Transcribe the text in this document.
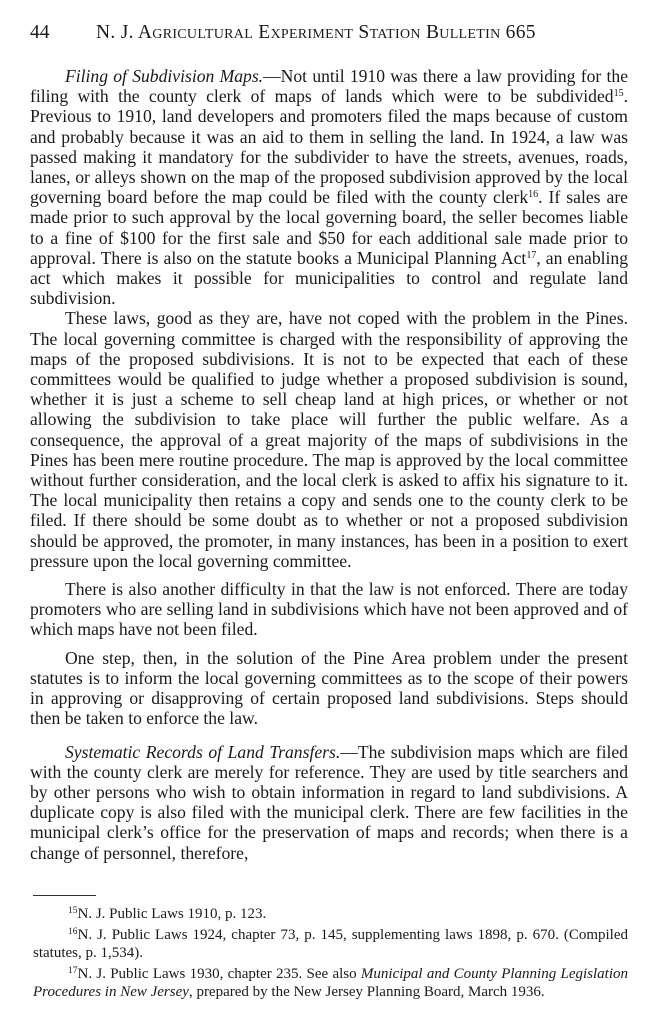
44 N. J. Agricultural Experiment Station Bulletin 665

Filing of Subdivision Maps.—Not until 1910 was there a law providing for the filing with the county clerk of maps of lands which were to be subdivided$^{15}$. Previous to 1910, land developers and promoters filed the maps because of custom and probably because it was an aid to them in selling the land. In 1924, a law was passed making it mandatory for the subdivider to have the streets, avenues, roads, lanes, or alleys shown on the map of the proposed subdivision approved by the local governing board before the map could be filed with the county clerk$^{16}$. If sales are made prior to such approval by the local governing board, the seller becomes liable to a fine of $100 for the first sale and $50 for each additional sale made prior to approval. There is also on the statute books a Municipal Planning Act$^{17}$, an enabling act which makes it possible for municipalities to control and regulate land subdivision.

These laws, good as they are, have not coped with the problem in the Pines. The local governing committee is charged with the responsibility of approving the maps of the proposed subdivisions. It is not to be expected that each of these committees would be qualified to judge whether a proposed subdivision is sound, whether it is just a scheme to sell cheap land at high prices, or whether or not allowing the subdivision to take place will further the public welfare. As a consequence, the approval of a great majority of the maps of subdivisions in the Pines has been mere routine procedure. The map is approved by the local committee without further consideration, and the local clerk is asked to affix his signature to it. The local municipality then retains a copy and sends one to the county clerk to be filed. If there should be some doubt as to whether or not a proposed subdivision should be approved, the promoter, in many instances, has been in a position to exert pressure upon the local governing committee.

There is also another difficulty in that the law is not enforced. There are today promoters who are selling land in subdivisions which have not been approved and of which maps have not been filed.

One step, then, in the solution of the Pine Area problem under the present statutes is to inform the local governing committees as to the scope of their powers in approving or disapproving of certain proposed land subdivisions. Steps should then be taken to enforce the law.

Systematic Records of Land Transfers.—The subdivision maps which are filed with the county clerk are merely for reference. They are used by title searchers and by other persons who wish to obtain information in regard to land subdivisions. A duplicate copy is also filed with the municipal clerk. There are few facilities in the municipal clerk’s office for the preservation of maps and records; when there is a change of personnel, therefore,

$^{15}$N. J. Public Laws 1910, p. 123.

$^{16}$N. J. Public Laws 1924, chapter 73, p. 145, supplementing laws 1898, p. 670. (Compiled statutes, p. 1,534).

$^{17}$N. J. Public Laws 1930, chapter 235. See also Municipal and County Planning Legislation Procedures in New Jersey, prepared by the New Jersey Planning Board, March 1936.
